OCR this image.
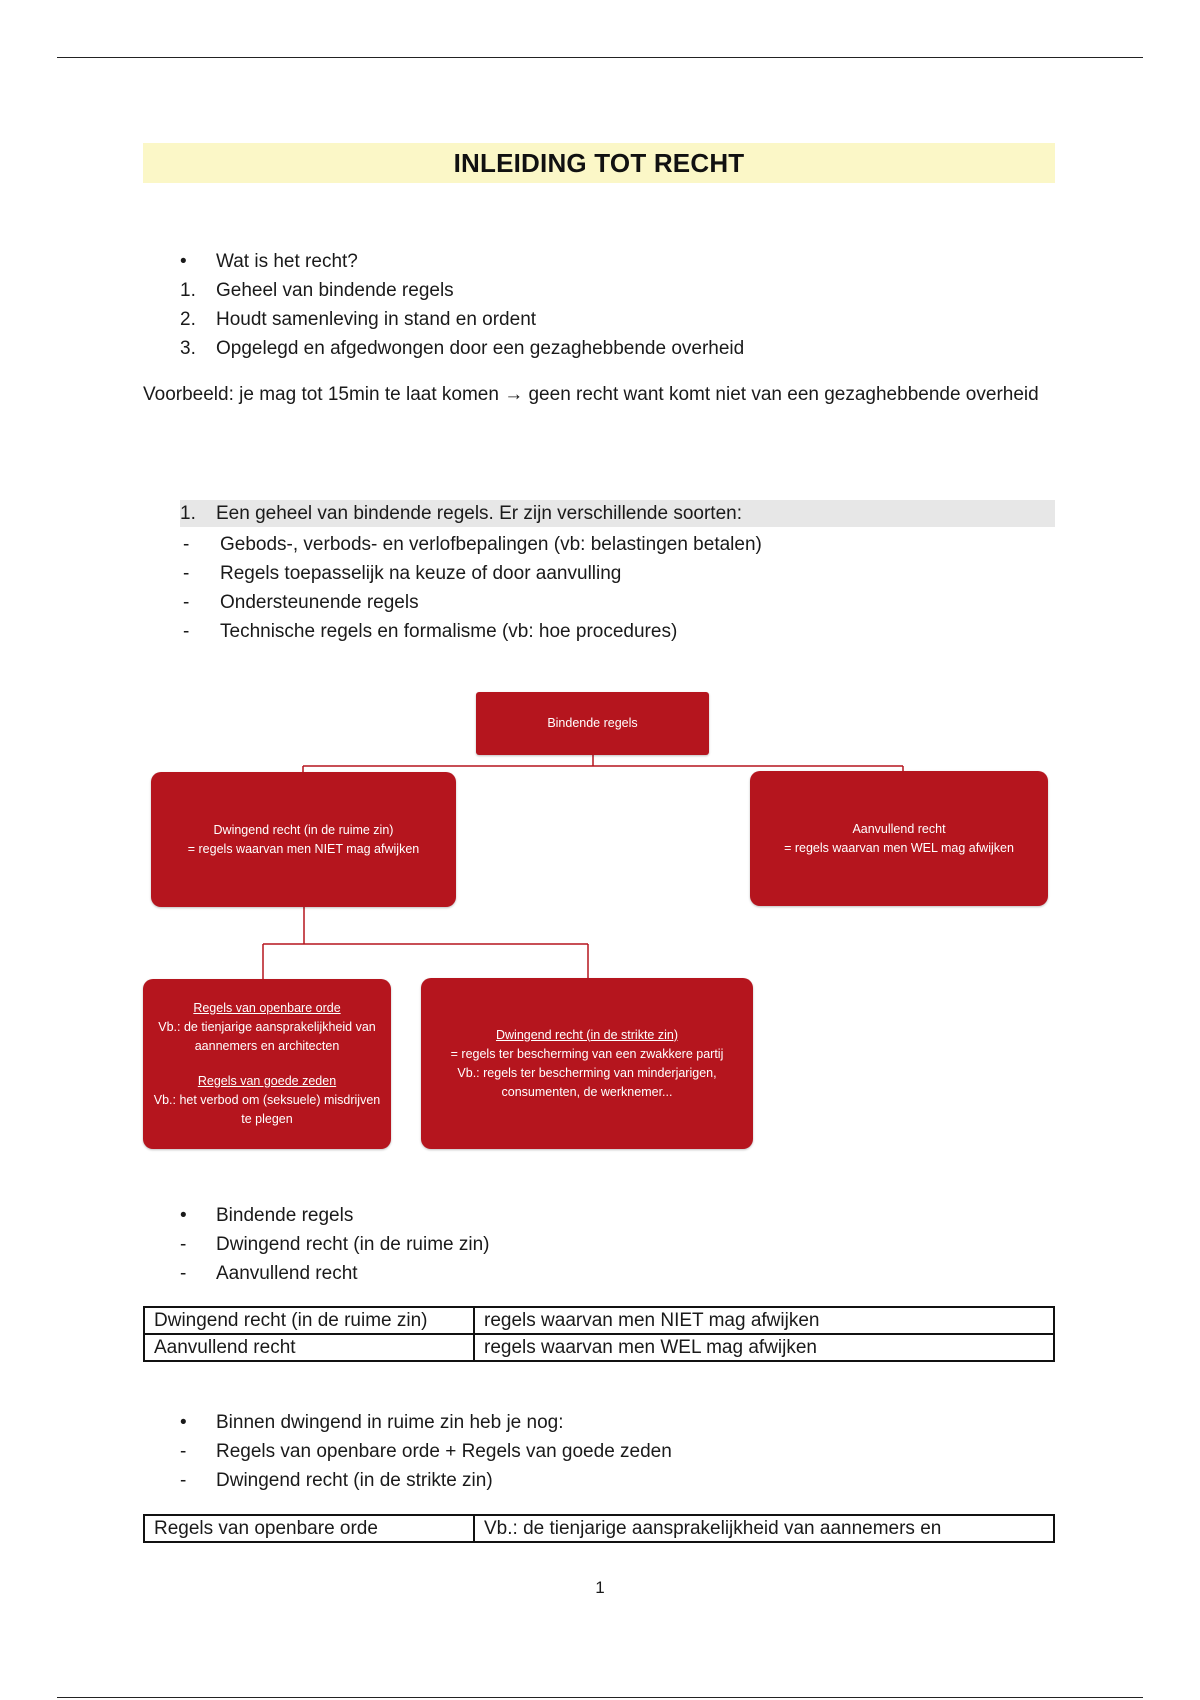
INLEIDING TOT RECHT
•	Wat is het recht?
1.	Geheel van bindende regels
2.	Houdt samenleving in stand en ordent
3.	Opgelegd en afgedwongen door een gezaghebbende overheid

Voorbeeld: je mag tot 15min te laat komen → geen recht want komt niet van een gezaghebbende overheid

1.	Een geheel van bindende regels. Er zijn verschillende soorten:
-	Gebods-, verbods- en verlofbepalingen (vb: belastingen betalen)
-	Regels toepasselijk na keuze of door aanvulling
-	Ondersteunende regels
-	Technische regels en formalisme (vb: hoe procedures)
Bindende regels
Dwingend recht (in de ruime zin)
= regels waarvan men NIET mag afwijken
Aanvullend recht
= regels waarvan men WEL mag afwijken
Regels van openbare orde
Vb.: de tienjarige aansprakelijkheid van aannemers en architecten
Regels van goede zeden
Vb.: het verbod om (seksuele) misdrijven te plegen
Dwingend recht (in de strikte zin)
= regels ter bescherming van een zwakkere partij
Vb.: regels ter bescherming van minderjarigen, consumenten, de werknemer...
•	Bindende regels
-	Dwingend recht (in de ruime zin)
-	Aanvullend recht
Dwingend recht (in de ruime zin)	regels waarvan men NIET mag afwijken
Aanvullend recht	regels waarvan men WEL mag afwijken
•	Binnen dwingend in ruime zin heb je nog:
-	Regels van openbare orde + Regels van goede zeden
-	Dwingend recht (in de strikte zin)
Regels van openbare orde	Vb.: de tienjarige aansprakelijkheid van aannemers en
1
